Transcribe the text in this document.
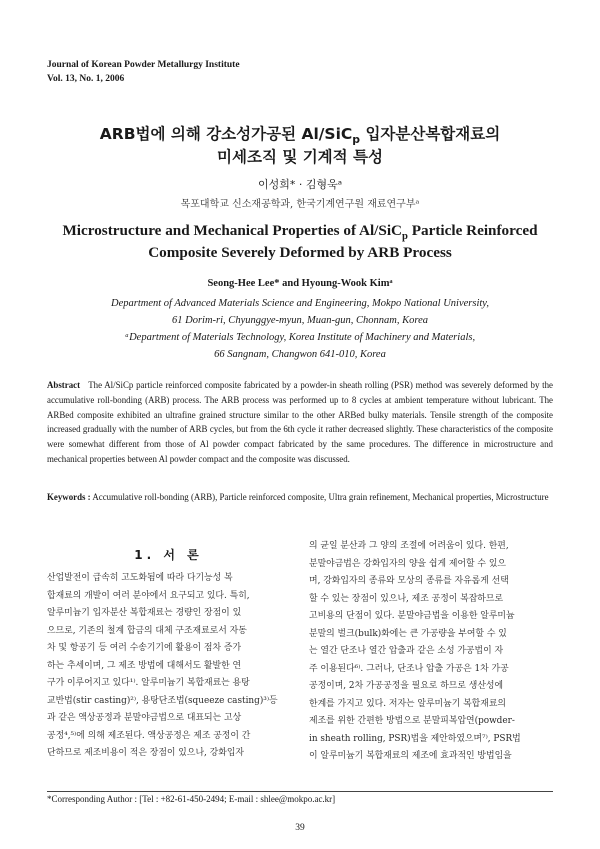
Journal of Korean Powder Metallurgy Institute
Vol. 13, No. 1, 2006
ARB법에 의해 강소성가공된 Al/SiC$_p$ 입자분산복합재료의
미세조직 및 기계적 특성
이성희* · 김형욱ᵃ
목포대학교 신소재공학과, 한국기계연구원 재료연구부ᵃ
Microstructure and Mechanical Properties of Al/SiC$_p$ Particle Reinforced
Composite Severely Deformed by ARB Process
Seong-Hee Lee* and Hyoung-Wook Kimᵃ
Department of Advanced Materials Science and Engineering, Mokpo National University,
61 Dorim-ri, Chyunggye-myun, Muan-gun, Chonnam, Korea
ᵃDepartment of Materials Technology, Korea Institute of Machinery and Materials,
66 Sangnam, Changwon 641-010, Korea
Abstract The Al/SiCp particle reinforced composite fabricated by a powder-in sheath rolling (PSR) method was severely deformed by the accumulative roll-bonding (ARB) process. The ARB process was performed up to 8 cycles at ambient temperature without lubricant. The ARBed composite exhibited an ultrafine grained structure similar to the other ARBed bulky materials. Tensile strength of the composite increased gradually with the number of ARB cycles, but from the 6th cycle it rather decreased slightly. These characteristics of the composite were somewhat different from those of Al powder compact fabricated by the same procedures. The difference in microstructure and mechanical properties between Al powder compact and the composite was discussed.
Keywords : Accumulative roll-bonding (ARB), Particle reinforced composite, Ultra grain refinement, Mechanical properties, Microstructure
1. 서 론
산업발전이 급속히 고도화됨에 따라 다기능성 복
합재료의 개발이 여러 분야에서 요구되고 있다. 특히,
알루미늄기 입자분산 복합재료는 경량인 장점이 있
으므로, 기존의 철계 합금의 대체 구조재료로서 자동
차 및 항공기 등 여러 수송기기에 활용이 점차 증가
하는 추세이며, 그 제조 방법에 대해서도 활발한 연
구가 이루어지고 있다¹⁾. 알루미늄기 복합재료는 용탕
교반법(stir casting)²⁾, 용탕단조법(squeeze casting)³⁾등
과 같은 액상공정과 분말야금법으로 대표되는 고상
공정⁴,⁵⁾에 의해 제조된다. 액상공정은 제조 공정이 간
단하므로 제조비용이 적은 장점이 있으나, 강화입자
의 균일 분산과 그 양의 조절에 어려움이 있다. 한편,
분말야금법은 강화입자의 양을 쉽게 제어할 수 있으
며, 강화입자의 종류와 모상의 종류를 자유롭게 선택
할 수 있는 장점이 있으나, 제조 공정이 복잡하므로
고비용의 단점이 있다. 분말야금법을 이용한 알루미늄
분말의 벌크(bulk)화에는 큰 가공량을 부여할 수 있
는 열간 단조나 열간 압출과 같은 소성 가공법이 자
주 이용된다⁶⁾. 그러나, 단조나 압출 가공은 1차 가공
공정이며, 2차 가공공정을 필요로 하므로 생산성에
한계를 가지고 있다. 저자는 알루미늄기 복합재료의
제조를 위한 간편한 방법으로 분말피복압연(powder-
in sheath rolling, PSR)법을 제안하였으며⁷⁾, PSR법
이 알루미늄기 복합재료의 제조에 효과적인 방법임을
*Corresponding Author : [Tel : +82-61-450-2494; E-mail : shlee@mokpo.ac.kr]
39
